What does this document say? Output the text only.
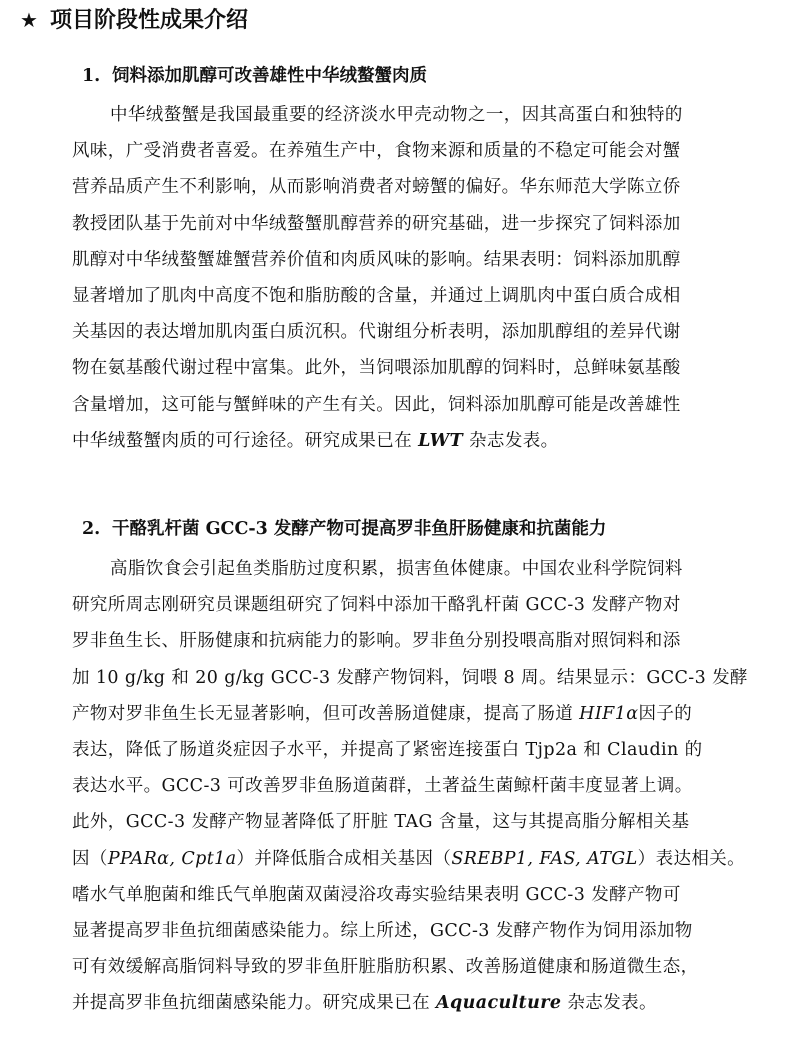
★ 项目阶段性成果介绍
1. 饲料添加肌醇可改善雄性中华绒螯蟹肉质
中华绒螯蟹是我国最重要的经济淡水甲壳动物之一，因其高蛋白和独特的
风味，广受消费者喜爱。在养殖生产中，食物来源和质量的不稳定可能会对蟹
营养品质产生不利影响，从而影响消费者对螃蟹的偏好。华东师范大学陈立侨
教授团队基于先前对中华绒螯蟹肌醇营养的研究基础，进一步探究了饲料添加
肌醇对中华绒螯蟹雄蟹营养价值和肉质风味的影响。结果表明：饲料添加肌醇
显著增加了肌肉中高度不饱和脂肪酸的含量，并通过上调肌肉中蛋白质合成相
关基因的表达增加肌肉蛋白质沉积。代谢组分析表明，添加肌醇组的差异代谢
物在氨基酸代谢过程中富集。此外，当饲喂添加肌醇的饲料时，总鲜味氨基酸
含量增加，这可能与蟹鲜味的产生有关。因此，饲料添加肌醇可能是改善雄性
中华绒螯蟹肉质的可行途径。研究成果已在 LWT 杂志发表。
2. 干酪乳杆菌 GCC-3 发酵产物可提高罗非鱼肝肠健康和抗菌能力
高脂饮食会引起鱼类脂肪过度积累，损害鱼体健康。中国农业科学院饲料
研究所周志刚研究员课题组研究了饲料中添加干酪乳杆菌 GCC-3 发酵产物对
罗非鱼生长、肝肠健康和抗病能力的影响。罗非鱼分别投喂高脂对照饲料和添
加 10 g/kg 和 20 g/kg GCC-3 发酵产物饲料，饲喂 8 周。结果显示：GCC-3 发酵
产物对罗非鱼生长无显著影响，但可改善肠道健康，提高了肠道 HIF1α因子的
表达，降低了肠道炎症因子水平，并提高了紧密连接蛋白 Tjp2a 和 Claudin 的
表达水平。GCC-3 可改善罗非鱼肠道菌群，土著益生菌鲸杆菌丰度显著上调。
此外，GCC-3 发酵产物显著降低了肝脏 TAG 含量，这与其提高脂分解相关基
因（PPARα, Cpt1a）并降低脂合成相关基因（SREBP1, FAS, ATGL）表达相关。
嗜水气单胞菌和维氏气单胞菌双菌浸浴攻毒实验结果表明 GCC-3 发酵产物可
显著提高罗非鱼抗细菌感染能力。综上所述，GCC-3 发酵产物作为饲用添加物
可有效缓解高脂饲料导致的罗非鱼肝脏脂肪积累、改善肠道健康和肠道微生态，
并提高罗非鱼抗细菌感染能力。研究成果已在 Aquaculture 杂志发表。
